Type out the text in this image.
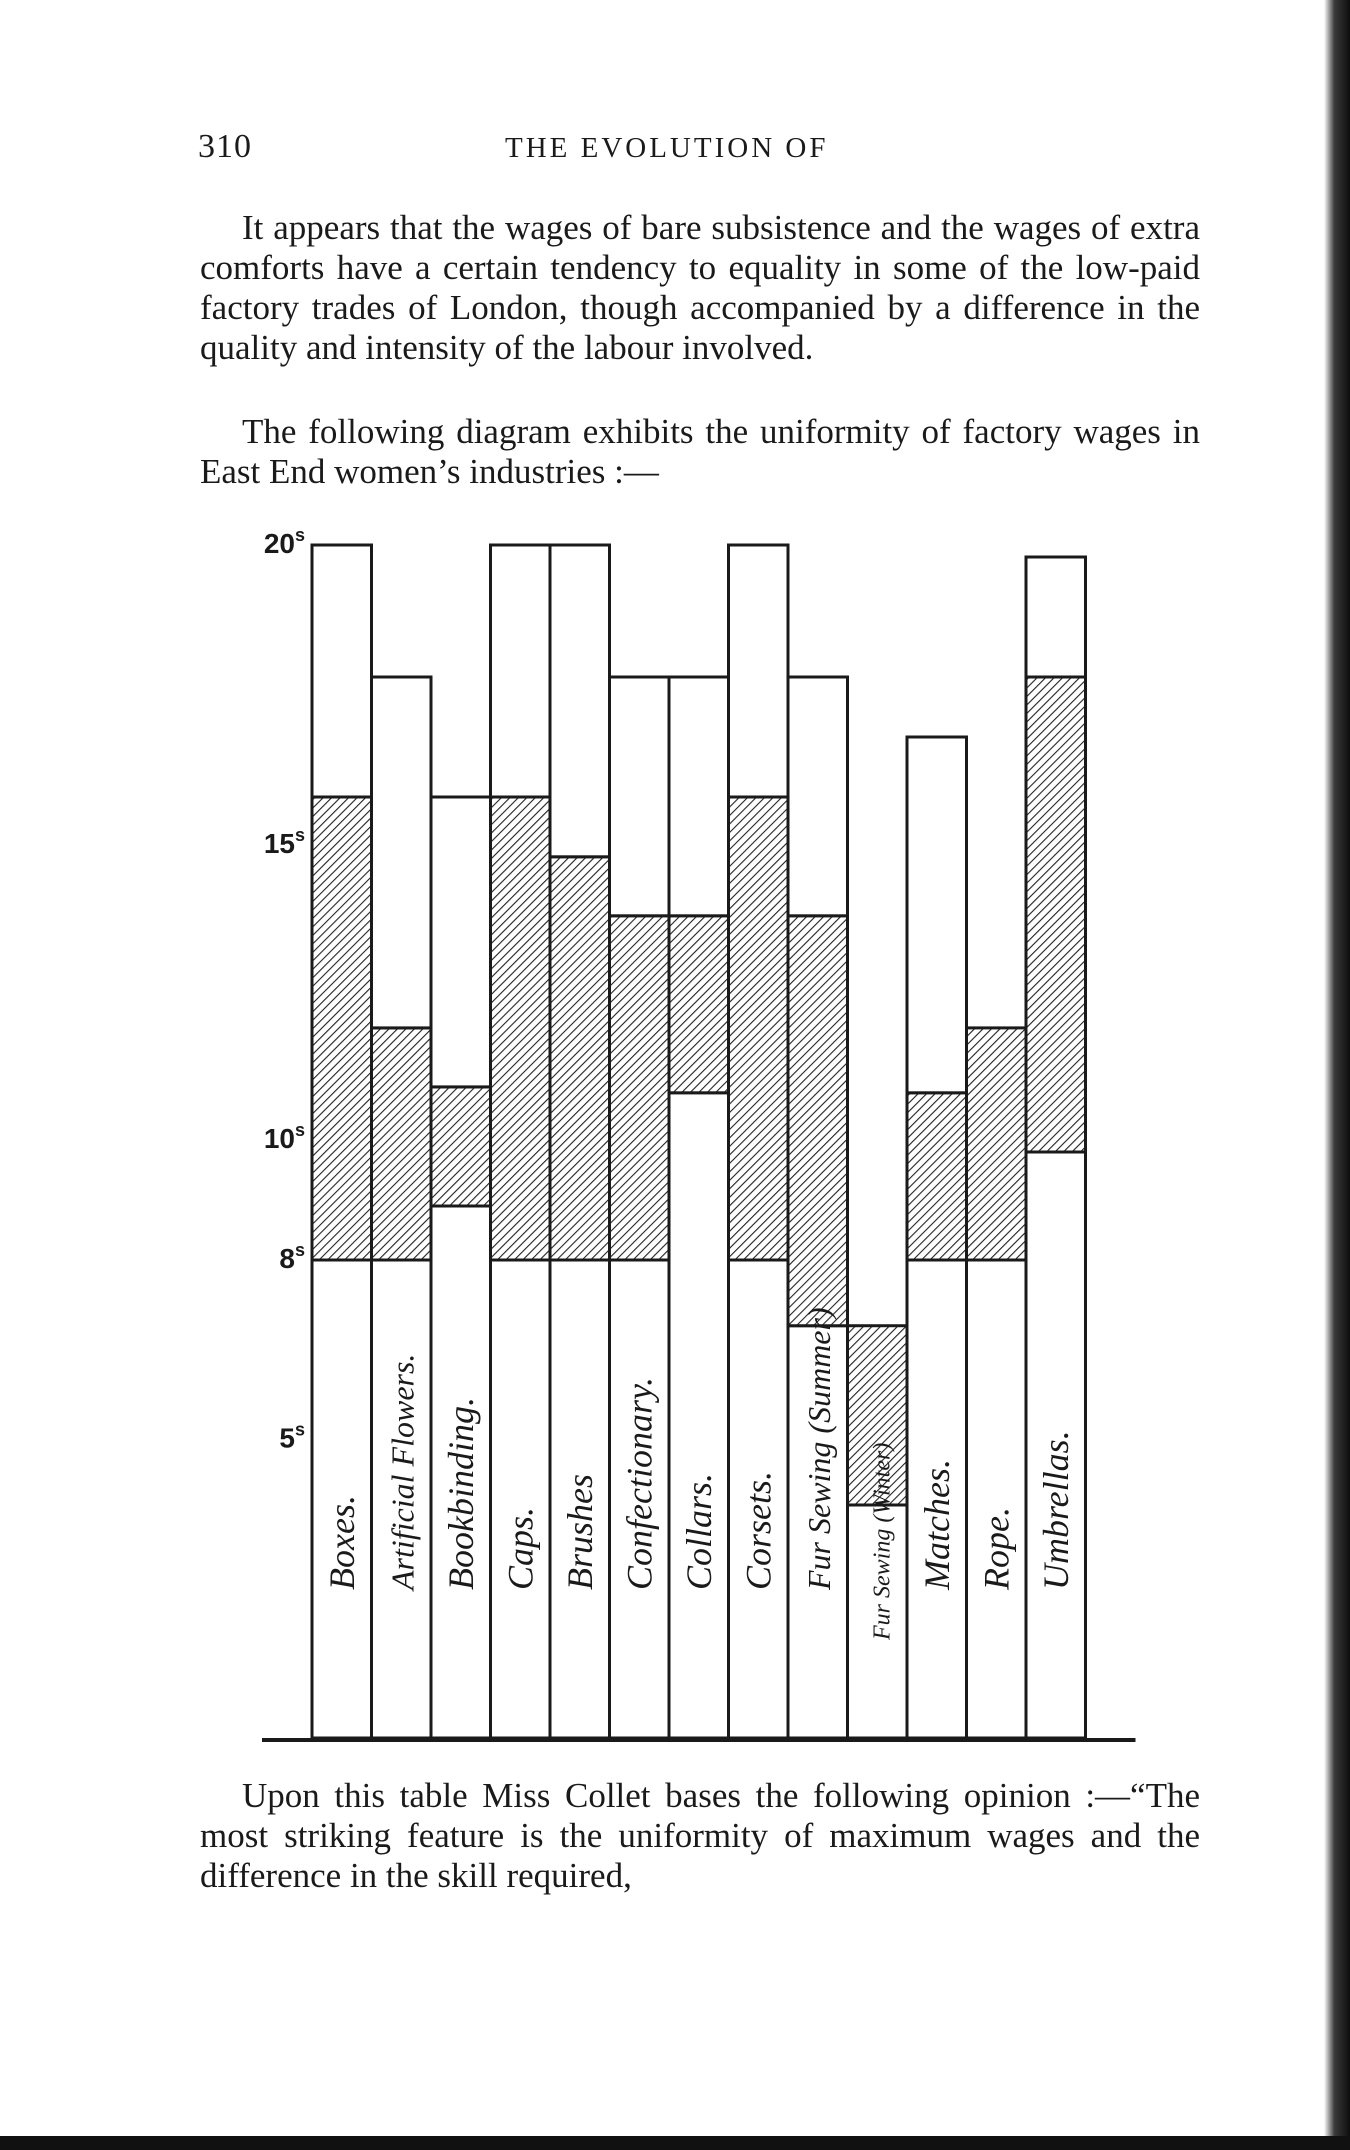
310	THE EVOLUTION OF

It appears that the wages of bare subsistence and the wages of extra comforts have a certain tendency to equality in some of the low-paid factory trades of London, though accompanied by a difference in the quality and intensity of the labour involved.

The following diagram exhibits the uniformity of factory wages in East End women’s industries :—

20$^s$
15$^s$
10$^s$
8$^s$
5$^s$
Boxes. Artificial Flowers. Bookbinding. Caps. Brushes Confectionary. Collars. Corsets. Fur Sewing (Summer) Fur Sewing (Winter) Matches. Rope. Umbrellas.

Upon this table Miss Collet bases the following opinion :—“The most striking feature is the uniformity of maximum wages and the difference in the skill required,
